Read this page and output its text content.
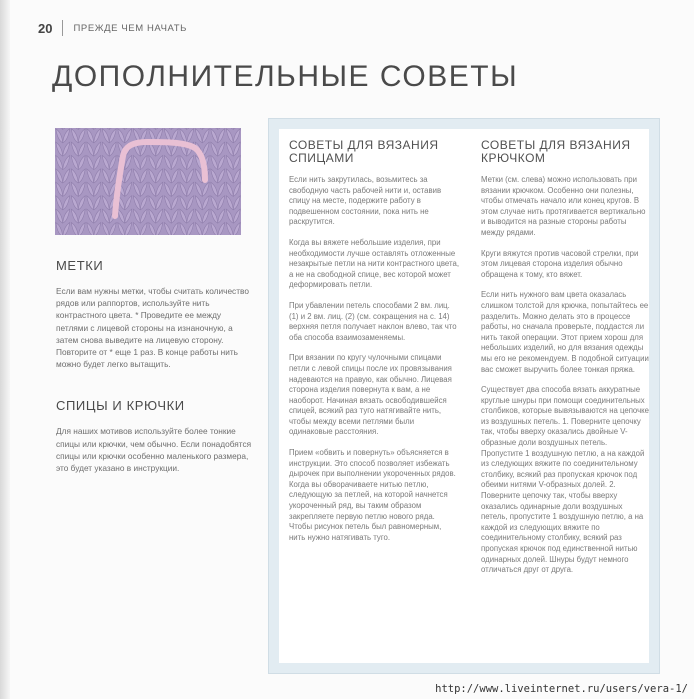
20 ПРЕЖДЕ ЧЕМ НАЧАТЬ
ДОПОЛНИТЕЛЬНЫЕ СОВЕТЫ
МЕТКИ

Если вам нужны метки, чтобы считать количество рядов или раппортов, используйте нить контрастного цвета. * Проведите ее между петлями с лицевой стороны на изнаночную, а затем снова выведите на лицевую сторону. Повторите от * еще 1 раз. В конце работы нить можно будет легко вытащить.

СПИЦЫ И КРЮЧКИ

Для наших мотивов используйте более тонкие спицы или крючки, чем обычно. Если понадобятся спицы или крючки особенно маленького размера, это будет указано в инструкции.

СОВЕТЫ ДЛЯ ВЯЗАНИЯ СПИЦАМИ

Если нить закрутилась, возьмитесь за свободную часть рабочей нити и, оставив спицу на месте, подержите работу в подвешенном состоянии, пока нить не раскрутится.

Когда вы вяжете небольшие изделия, при необходимости лучше оставлять отложенные незакрытые петли на нити контрастного цвета, а не на свободной спице, вес которой может деформировать петли.

При убавлении петель способами 2 вм. лиц. (1) и 2 вм. лиц. (2) (см. сокращения на с. 14) верхняя петля получает наклон влево, так что оба способа взаимозаменяемы.

При вязании по кругу чулочными спицами петли с левой спицы после их провязывания надеваются на правую, как обычно. Лицевая сторона изделия повернута к вам, а не наоборот. Начиная вязать освободившейся спицей, всякий раз туго натягивайте нить, чтобы между всеми петлями были одинаковые расстояния.

Прием «обвить и повернуть» объясняется в инструкции. Это способ позволяет избежать дырочек при выполнении укороченных рядов. Когда вы обворачиваете нитью петлю, следующую за петлей, на которой начнется укороченный ряд, вы таким образом закрепляете первую петлю нового ряда. Чтобы рисунок петель был равномерным, нить нужно натягивать туго.

СОВЕТЫ ДЛЯ ВЯЗАНИЯ КРЮЧКОМ

Метки (см. слева) можно использовать при вязании крючком. Особенно они полезны, чтобы отмечать начало или конец кругов. В этом случае нить протягивается вертикально и выводится на разные стороны работы между рядами.

Круги вяжутся против часовой стрелки, при этом лицевая сторона изделия обычно обращена к тому, кто вяжет.

Если нить нужного вам цвета оказалась слишком толстой для крючка, попытайтесь ее разделить. Можно делать это в процессе работы, но сначала проверьте, поддастся ли нить такой операции. Этот прием хорош для небольших изделий, но для вязания одежды мы его не рекомендуем. В подобной ситуации вас сможет выручить более тонкая пряжа.

Существует два способа вязать аккуратные круглые шнуры при помощи соединительных столбиков, которые вывязываются на цепочке из воздушных петель. 1. Поверните цепочку так, чтобы вверху оказались двойные V-образные доли воздушных петель. Пропустите 1 воздушную петлю, а на каждой из следующих вяжите по соединительному столбику, всякий раз пропуская крючок под обеими нитями V-образных долей. 2. Поверните цепочку так, чтобы вверху оказались одинарные доли воздушных петель, пропустите 1 воздушную петлю, а на каждой из следующих вяжите по соединительному столбику, всякий раз пропуская крючок под единственной нитью одинарных долей. Шнуры будут немного отличаться друг от друга.

http://www.liveinternet.ru/users/vera-1/
